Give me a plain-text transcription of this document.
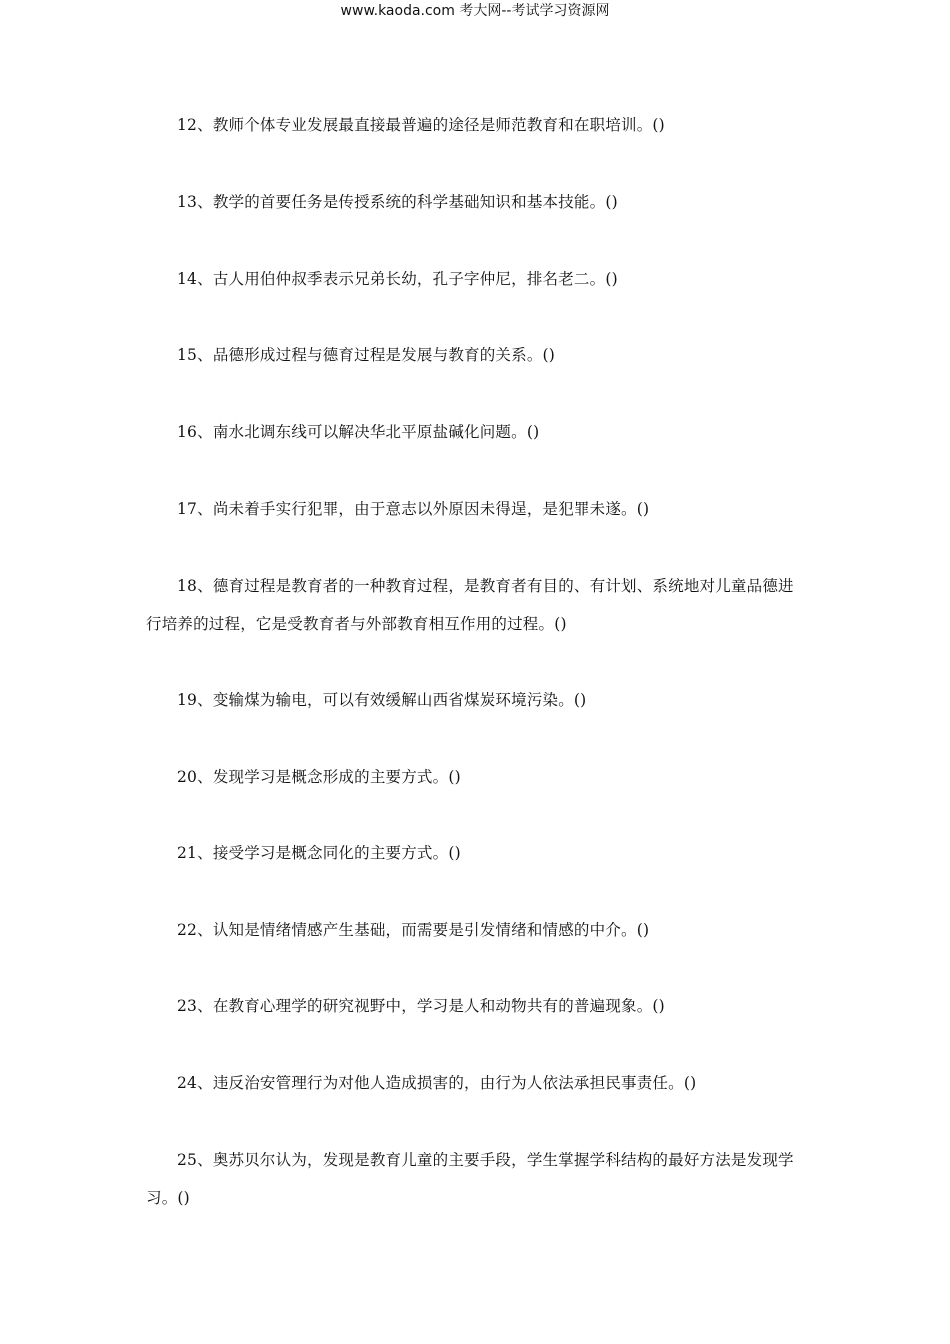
www.kaoda.com 考大网--考试学习资源网

12、教师个体专业发展最直接最普遍的途径是师范教育和在职培训。()

13、教学的首要任务是传授系统的科学基础知识和基本技能。()

14、古人用伯仲叔季表示兄弟长幼，孔子字仲尼，排名老二。()

15、品德形成过程与德育过程是发展与教育的关系。()

16、南水北调东线可以解决华北平原盐碱化问题。()

17、尚未着手实行犯罪，由于意志以外原因未得逞，是犯罪未遂。()

18、德育过程是教育者的一种教育过程，是教育者有目的、有计划、系统地对儿童品德进行培养的过程，它是受教育者与外部教育相互作用的过程。()

19、变输煤为输电，可以有效缓解山西省煤炭环境污染。()

20、发现学习是概念形成的主要方式。()

21、接受学习是概念同化的主要方式。()

22、认知是情绪情感产生基础，而需要是引发情绪和情感的中介。()

23、在教育心理学的研究视野中，学习是人和动物共有的普遍现象。()

24、违反治安管理行为对他人造成损害的，由行为人依法承担民事责任。()

25、奥苏贝尔认为，发现是教育儿童的主要手段，学生掌握学科结构的最好方法是发现学习。()
